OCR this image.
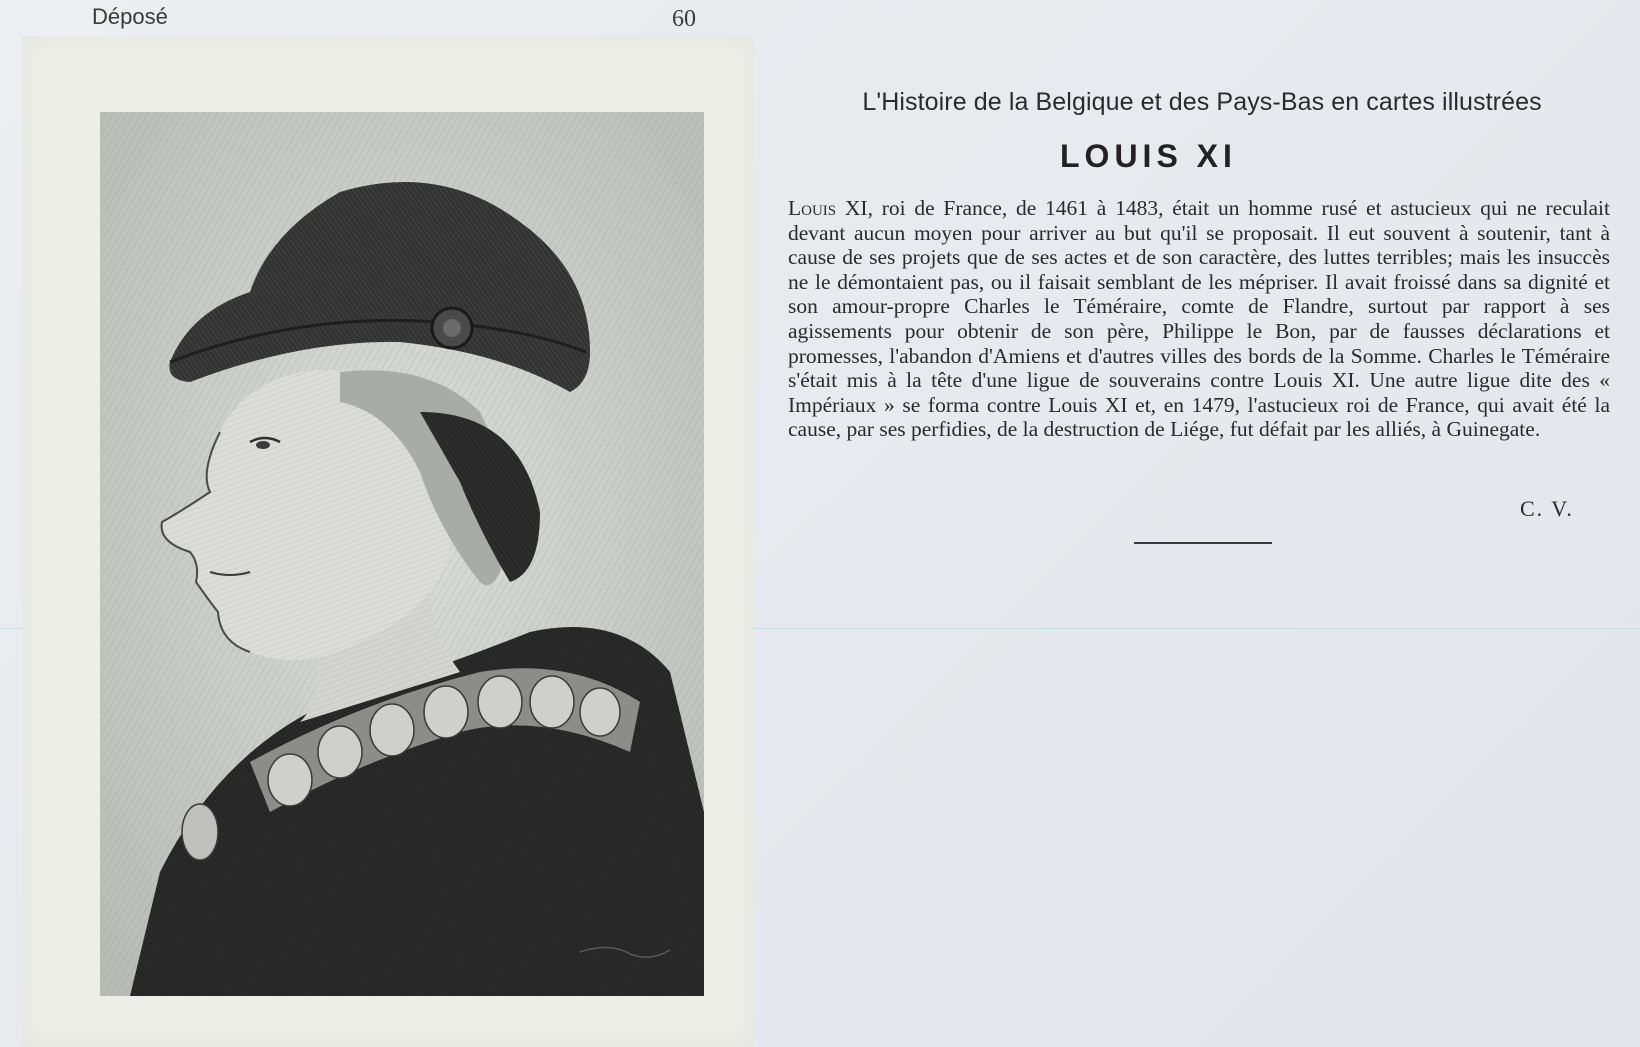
Déposé	60
L'Histoire de la Belgique et des Pays-Bas en cartes illustrées
LOUIS XI
Louis XI, roi de France, de 1461 à 1483, était un homme rusé et astucieux qui ne reculait devant aucun moyen pour arriver au but qu'il se proposait. Il eut souvent à soutenir, tant à cause de ses projets que de ses actes et de son caractère, des luttes terribles; mais les insuccès ne le démontaient pas, ou il faisait semblant de les mépriser. Il avait froissé dans sa dignité et son amour-propre Charles le Téméraire, comte de Flandre, surtout par rapport à ses agissements pour obtenir de son père, Philippe le Bon, par de fausses déclarations et promesses, l'abandon d'Amiens et d'autres villes des bords de la Somme. Charles le Téméraire s'était mis à la tête d'une ligue de souverains contre Louis XI. Une autre ligue dite des « Impériaux » se forma contre Louis XI et, en 1479, l'astucieux roi de France, qui avait été la cause, par ses perfidies, de la destruction de Liége, fut défait par les alliés, à Guinegate.
C. V.
